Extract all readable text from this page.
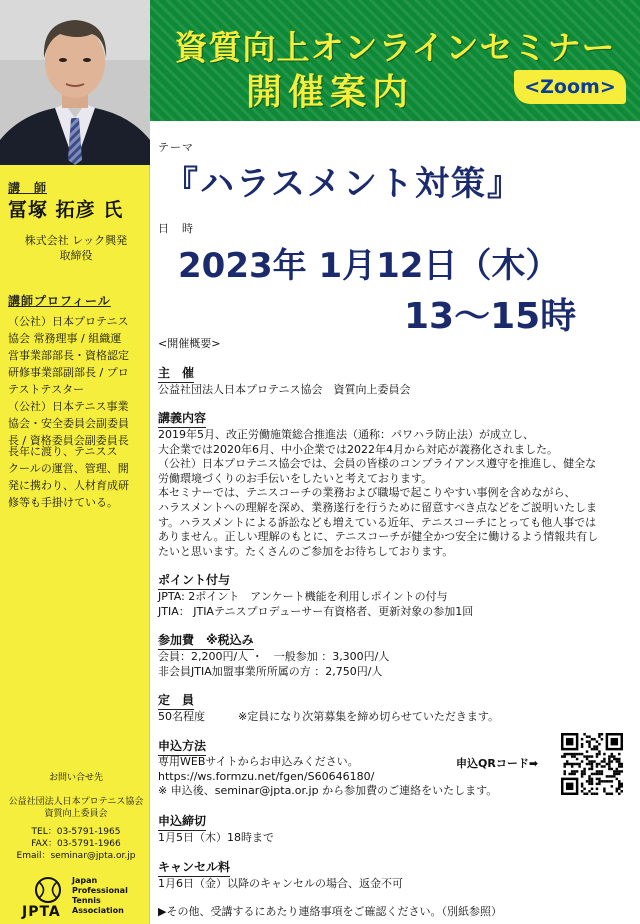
資質向上オンラインセミナー
開催案内	<Zoom>
講　師
冨塚 拓彦 氏
株式会社 レック興発
取締役
講師プロフィール
（公社）日本プロテニス
協会 常務理事 / 組織運
営事業部部長・資格認定
研修事業部副部長 / プロ
テストテスター
（公社）日本テニス事業
協会・安全委員会副委員
長 / 資格委員会副委員長
長年に渡り、テニスス
クールの運営、管理、開
発に携わり、人材育成研
修等も手掛けている。
お問い合せ先
公益社団法人日本プロテニス協会
資質向上委員会
TEL：03-5791-1965
FAX：03-5791-1966
Email：seminar@jpta.or.jp
JPTA
Japan
Professional
Tennis
Association
テーマ
『ハラスメント対策』
日　時
2023年 1月12日（木）
13～15時
<開催概要>
主　催
公益社団法人日本プロテニス協会　資質向上委員会
講義内容
2019年5月、改正労働施策総合推進法（通称：パワハラ防止法）が成立し、
大企業では2020年6月、中小企業では2022年4月から対応が義務化されました。
（公社）日本プロテニス協会では、会員の皆様のコンプライアンス遵守を推進し、健全な
労働環境づくりのお手伝いをしたいと考えております。
本セミナーでは、テニスコーチの業務および職場で起こりやすい事例を含めながら、
ハラスメントへの理解を深め、業務遂行を行うために留意すべき点などをご説明いたしま
す。ハラスメントによる訴訟なども増えている近年、テニスコーチにとっても他人事では
ありません。正しい理解のもとに、テニスコーチが健全かつ安全に働けるよう情報共有し
たいと思います。たくさんのご参加をお待ちしております。
ポイント付与
JPTA: 2ポイント　アンケート機能を利用しポイントの付与
JTIA： JTIAテニスプロデューサー有資格者、更新対象の参加1回
参加費　※税込み
会員：2,200円/人 ・　一般参加 ：3,300円/人
非会員JTIA加盟事業所所属の方 ：2,750円/人
定　員
50名程度　　　※定員になり次第募集を締め切らせていただきます。
申込方法
専用WEBサイトからお申込みください。
https://ws.formzu.net/fgen/S60646180/
※ 申込後、seminar@jpta.or.jp から参加費のご連絡をいたします。
申込QRコード➡
申込締切
1月5日（木）18時まで
キャンセル料
1月6日（金）以降のキャンセルの場合、返金不可
▶その他、受講するにあたり連絡事項をご確認ください。（別紙参照）
